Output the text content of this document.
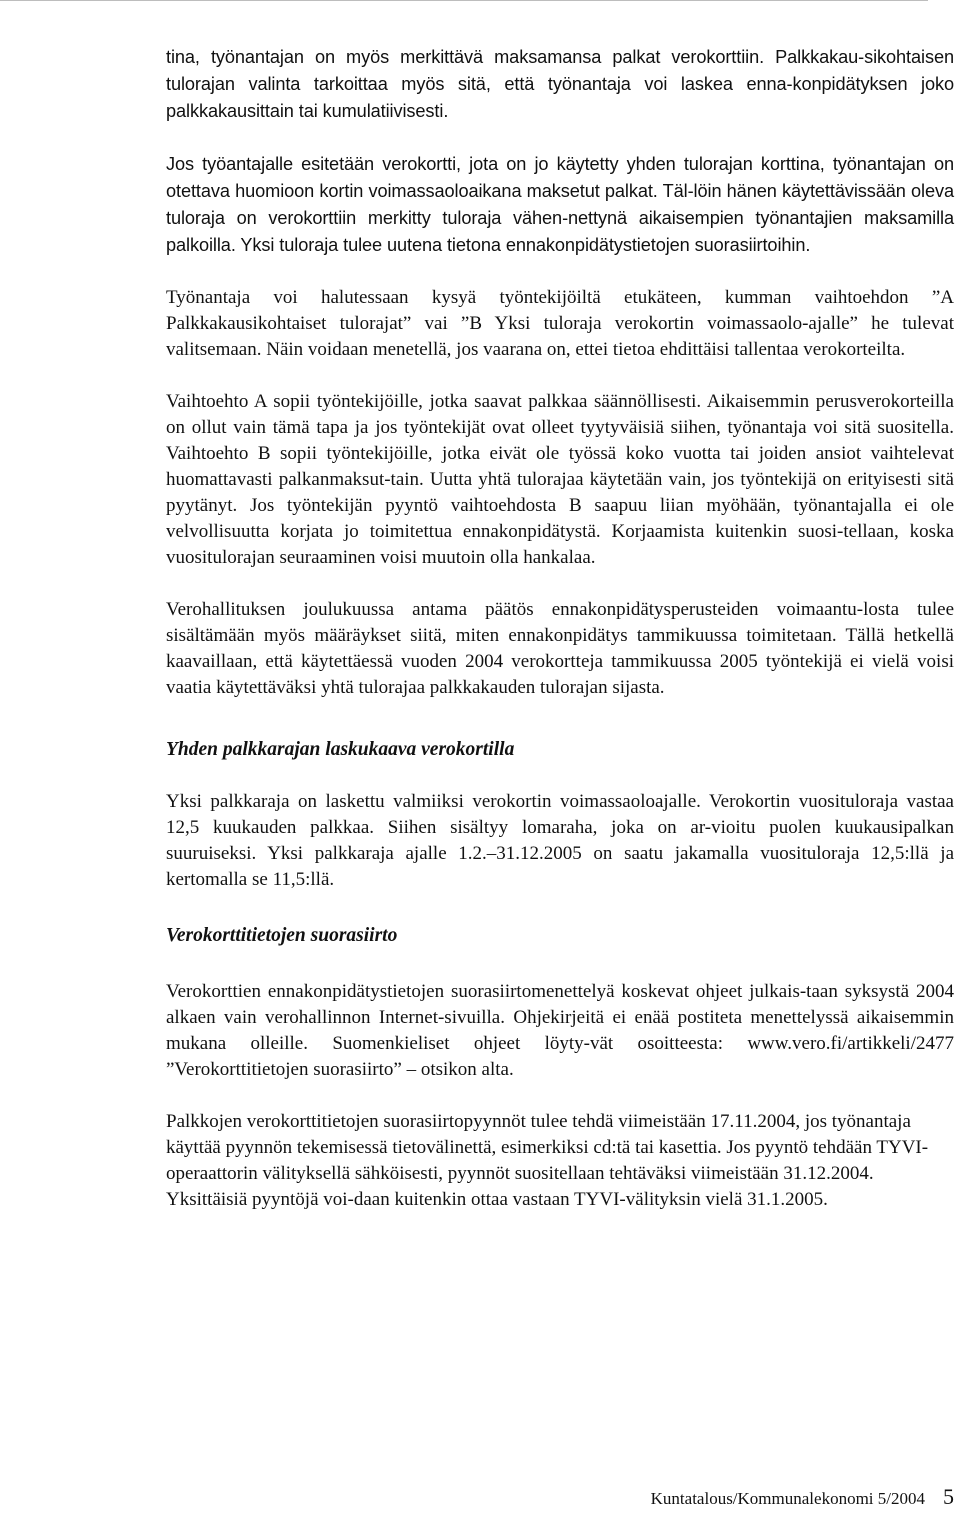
tina, työnantajan on myös merkittävä maksamansa palkat verokorttiin. Palkkakau-sikohtaisen tulorajan valinta tarkoittaa myös sitä, että työnantaja voi laskea enna-konpidätyksen joko palkkakausittain tai kumulatiivisesti.

Jos työantajalle esitetään verokortti, jota on jo käytetty yhden tulorajan korttina, työnantajan on otettava huomioon kortin voimassaoloaikana maksetut palkat. Täl-löin hänen käytettävissään oleva tuloraja on verokorttiin merkitty tuloraja vähen-nettynä aikaisempien työnantajien maksamilla palkoilla. Yksi tuloraja tulee uutena tietona ennakonpidätystietojen suorasiirtoihin.

Työnantaja voi halutessaan kysyä työntekijöiltä etukäteen, kumman vaihtoehdon ”A Palkkakausikohtaiset tulorajat” vai ”B Yksi tuloraja verokortin voimassaolo-ajalle” he tulevat valitsemaan. Näin voidaan menetellä, jos vaarana on, ettei tietoa ehdittäisi tallentaa verokorteilta.

Vaihtoehto A sopii työntekijöille, jotka saavat palkkaa säännöllisesti. Aikaisemmin perusverokorteilla on ollut vain tämä tapa ja jos työntekijät ovat olleet tyytyväisiä siihen, työnantaja voi sitä suositella. Vaihtoehto B sopii työntekijöille, jotka eivät ole työssä koko vuotta tai joiden ansiot vaihtelevat huomattavasti palkanmaksut-tain. Uutta yhtä tulorajaa käytetään vain, jos työntekijä on erityisesti sitä pyytänyt. Jos työntekijän pyyntö vaihtoehdosta B saapuu liian myöhään, työnantajalla ei ole velvollisuutta korjata jo toimitettua ennakonpidätystä. Korjaamista kuitenkin suosi-tellaan, koska vuositulorajan seuraaminen voisi muutoin olla hankalaa.

Verohallituksen joulukuussa antama päätös ennakonpidätysperusteiden voimaantu-losta tulee sisältämään myös määräykset siitä, miten ennakonpidätys tammikuussa toimitetaan. Tällä hetkellä kaavaillaan, että käytettäessä vuoden 2004 verokortteja tammikuussa 2005 työntekijä ei vielä voisi vaatia käytettäväksi yhtä tulorajaa palkkakauden tulorajan sijasta.

Yhden palkkarajan laskukaava verokortilla

Yksi palkkaraja on laskettu valmiiksi verokortin voimassaoloajalle. Verokortin vuosituloraja vastaa 12,5 kuukauden palkkaa. Siihen sisältyy lomaraha, joka on ar-vioitu puolen kuukausipalkan suuruiseksi. Yksi palkkaraja ajalle 1.2.–31.12.2005 on saatu jakamalla vuosituloraja 12,5:llä ja kertomalla se 11,5:llä.

Verokorttitietojen suorasiirto

Verokorttien ennakonpidätystietojen suorasiirtomenettelyä koskevat ohjeet julkais-taan syksystä 2004 alkaen vain verohallinnon Internet-sivuilla. Ohjekirjeitä ei enää postiteta menettelyssä aikaisemmin mukana olleille. Suomenkieliset ohjeet löyty-vät osoitteesta: www.vero.fi/artikkeli/2477 ”Verokorttitietojen suorasiirto” – otsikon alta.

Palkkojen verokorttitietojen suorasiirtopyynnöt tulee tehdä viimeistään 17.11.2004, jos työnantaja käyttää pyynnön tekemisessä tietovälinettä, esimerkiksi cd:tä tai kasettia. Jos pyyntö tehdään TYVI-operaattorin välityksellä sähköisesti, pyynnöt suositellaan tehtäväksi viimeistään 31.12.2004. Yksittäisiä pyyntöjä voi-daan kuitenkin ottaa vastaan TYVI-välityksin vielä 31.1.2005.

Kuntatalous/Kommunalekonomi 5/2004 5
